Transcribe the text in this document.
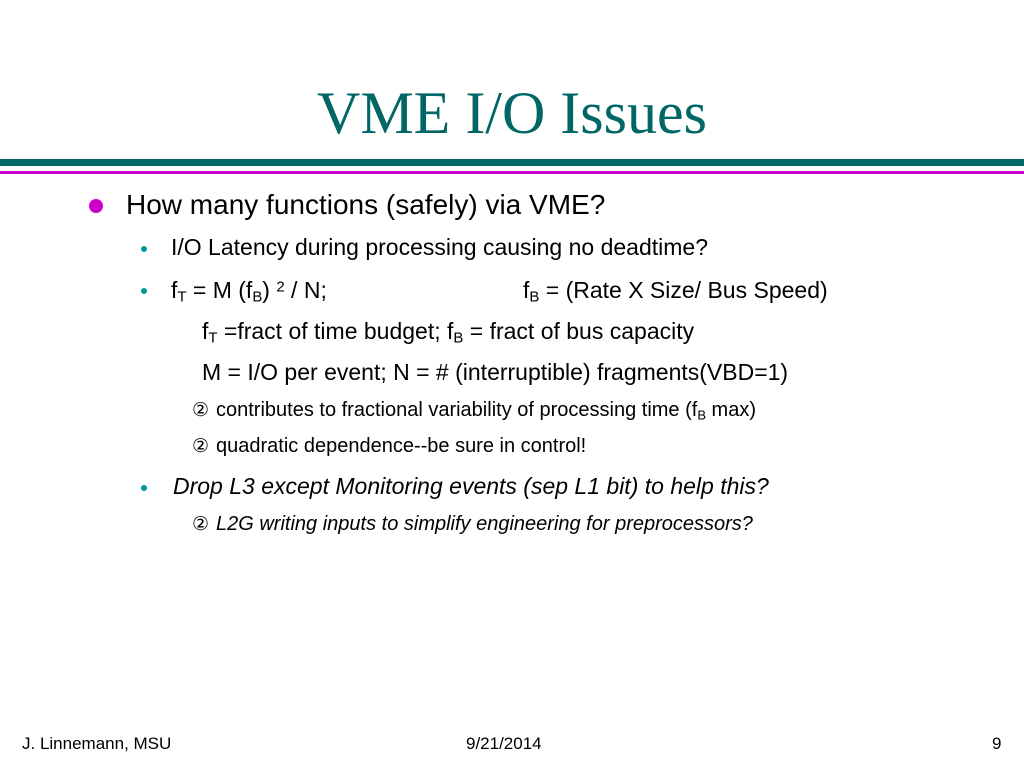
VME I/O Issues
How many functions (safely) via VME?
I/O Latency during processing causing no deadtime?
$f_T = M$ $(f_B)$ $^2$ / N;	$f_B$ = (Rate X Size/ Bus Speed)
$f_T$ =fract of time budget; $f_B$ = fract of bus capacity
M = I/O per event; N = # (interruptible) fragments(VBD=1)
② contributes to fractional variability of processing time ($f_B$ max)
② quadratic dependence--be sure in control!
Drop L3 except Monitoring events (sep L1 bit) to help this?
② L2G writing inputs to simplify engineering for preprocessors?
J. Linnemann, MSU	9/21/2014	9
